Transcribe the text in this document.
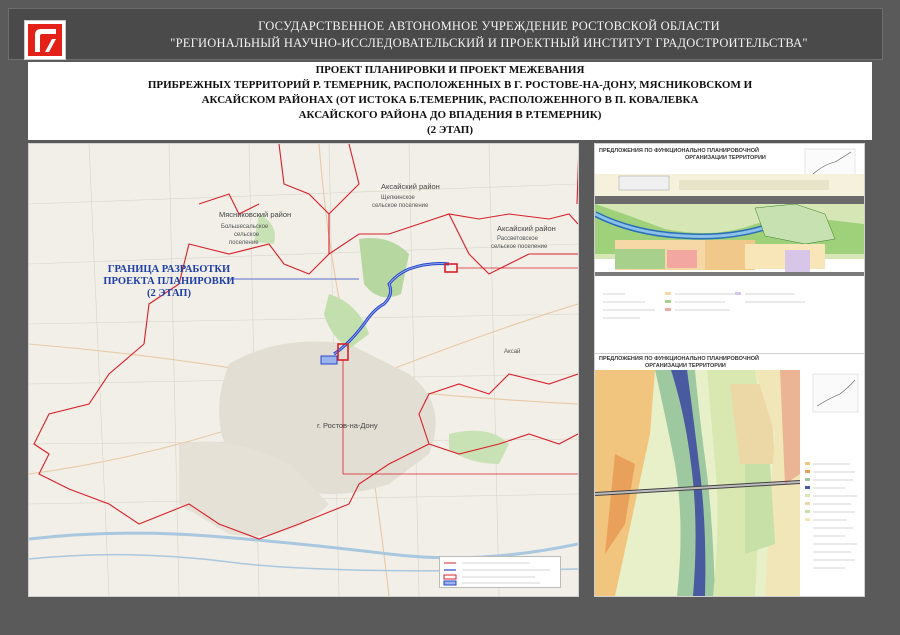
ГОСУДАРСТВЕННОЕ АВТОНОМНОЕ УЧРЕЖДЕНИЕ РОСТОВСКОЙ ОБЛАСТИ
"РЕГИОНАЛЬНЫЙ НАУЧНО-ИССЛЕДОВАТЕЛЬСКИЙ И ПРОЕКТНЫЙ ИНСТИТУТ ГРАДОСТРОИТЕЛЬСТВА"
ПРОЕКТ ПЛАНИРОВКИ И ПРОЕКТ МЕЖЕВАНИЯ
ПРИБРЕЖНЫХ ТЕРРИТОРИЙ Р. ТЕМЕРНИК, РАСПОЛОЖЕННЫХ В Г. РОСТОВЕ-НА-ДОНУ, МЯСНИКОВСКОМ И
АКСАЙСКОМ РАЙОНАХ (ОТ ИСТОКА Б.ТЕМЕРНИК, РАСПОЛОЖЕННОГО В П. КОВАЛЕВКА
АКСАЙСКОГО РАЙОНА ДО ВПАДЕНИЯ В Р.ТЕМЕРНИК)
(2 ЭТАП)
Аксайский район
Щепкинское
сельское поселение
Мясниковский район
Большесальское
сельское
поселение
Аксайский район
Рассветовское
сельское поселение
г. Ростов-на-Дону
Аксай
ГРАНИЦА РАЗРАБОТКИ
ПРОЕКТА ПЛАНИРОВКИ
(2 ЭТАП)
ПРЕДЛОЖЕНИЯ ПО ФУНКЦИОНАЛЬНО ПЛАНИРОВОЧНОЙ
ОРГАНИЗАЦИИ ТЕРРИТОРИИ
ПРЕДЛОЖЕНИЯ ПО ФУНКЦИОНАЛЬНО ПЛАНИРОВОЧНОЙ
ОРГАНИЗАЦИИ ТЕРРИТОРИИ
